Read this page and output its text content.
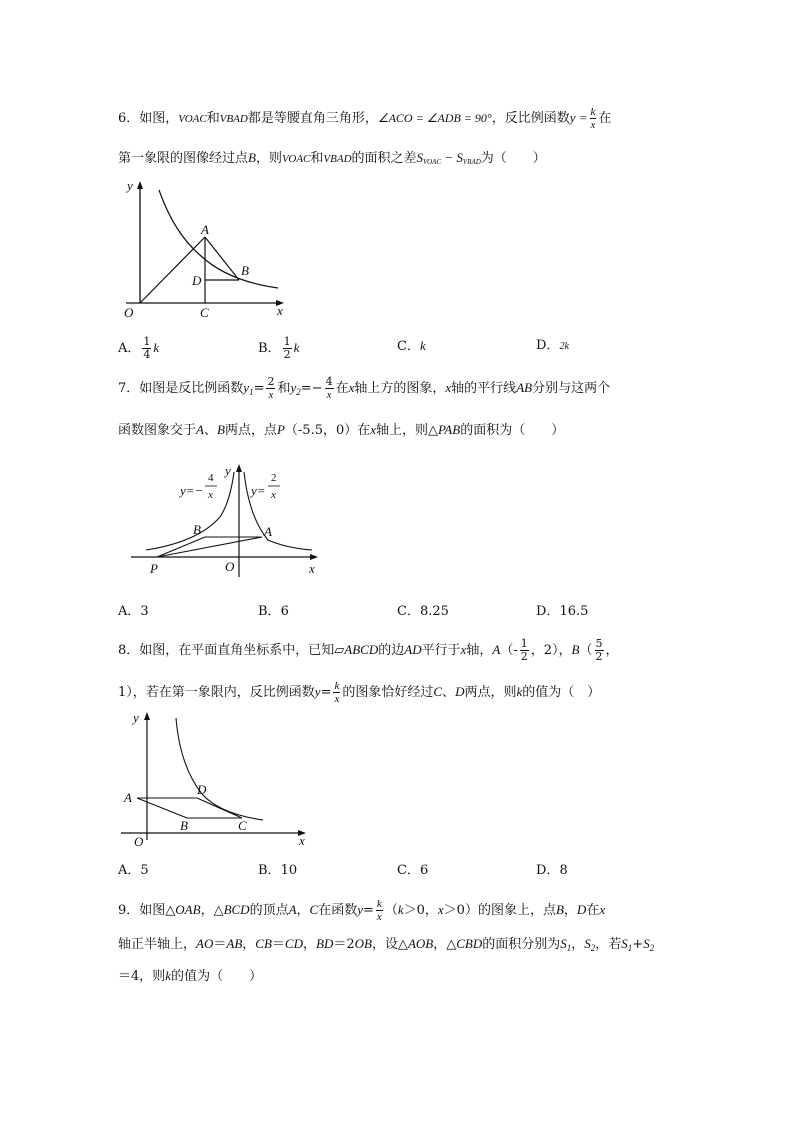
6．如图，VOAC和VBAD都是等腰直角三角形，∠ACO = ∠ADB = 90°，反比例函数$y = \frac{k}{x}$ 在
第一象限的图像经过点B，则VOAC和VBAD的面积之差SVOAC − SVBAD为（　　）
y
A
B
D
O	C	x
A． $\frac{1}{4}$ k	B． $\frac{1}{2}$ k	C．k	D．2k
7．如图是反比例函数$y_1= \frac{2}{x}$ 和$y_2=- \frac{4}{x}$ 在x轴上方的图象，x轴的平行线AB分别与这两个
函数图象交于A、B两点，点P（-5.5，0）在x轴上，则△PAB的面积为（　　）
y=−
4
x	y=
2
x
y
B	A
P	O	x
A．3	B．6	C．8.25	D．16.5
8．如图，在平面直角坐标系中，已知▱ABCD的边AD平行于x轴，$A(- \frac{1}{2}$ ，2），$B( \frac{5}{2}$ ，
1），若在第一象限内，反比例函数$y= \frac{k}{x}$ 的图象恰好经过C、D两点，则k的值为（　）
y
A
D
B	C
O	x
A．5	B．10	C．6	D．8
9．如图△OAB，△BCD的顶点A，C在函数$y= \frac{k}{x} (k>0$，x＞0）的图象上，点B，D在x
轴正半轴上，AO＝AB，CB＝CD，BD＝2OB，设△AOB，△CBD的面积分别为$S_1$，$S_2$，若$S_1+S_2$
＝4，则k的值为（　　）
